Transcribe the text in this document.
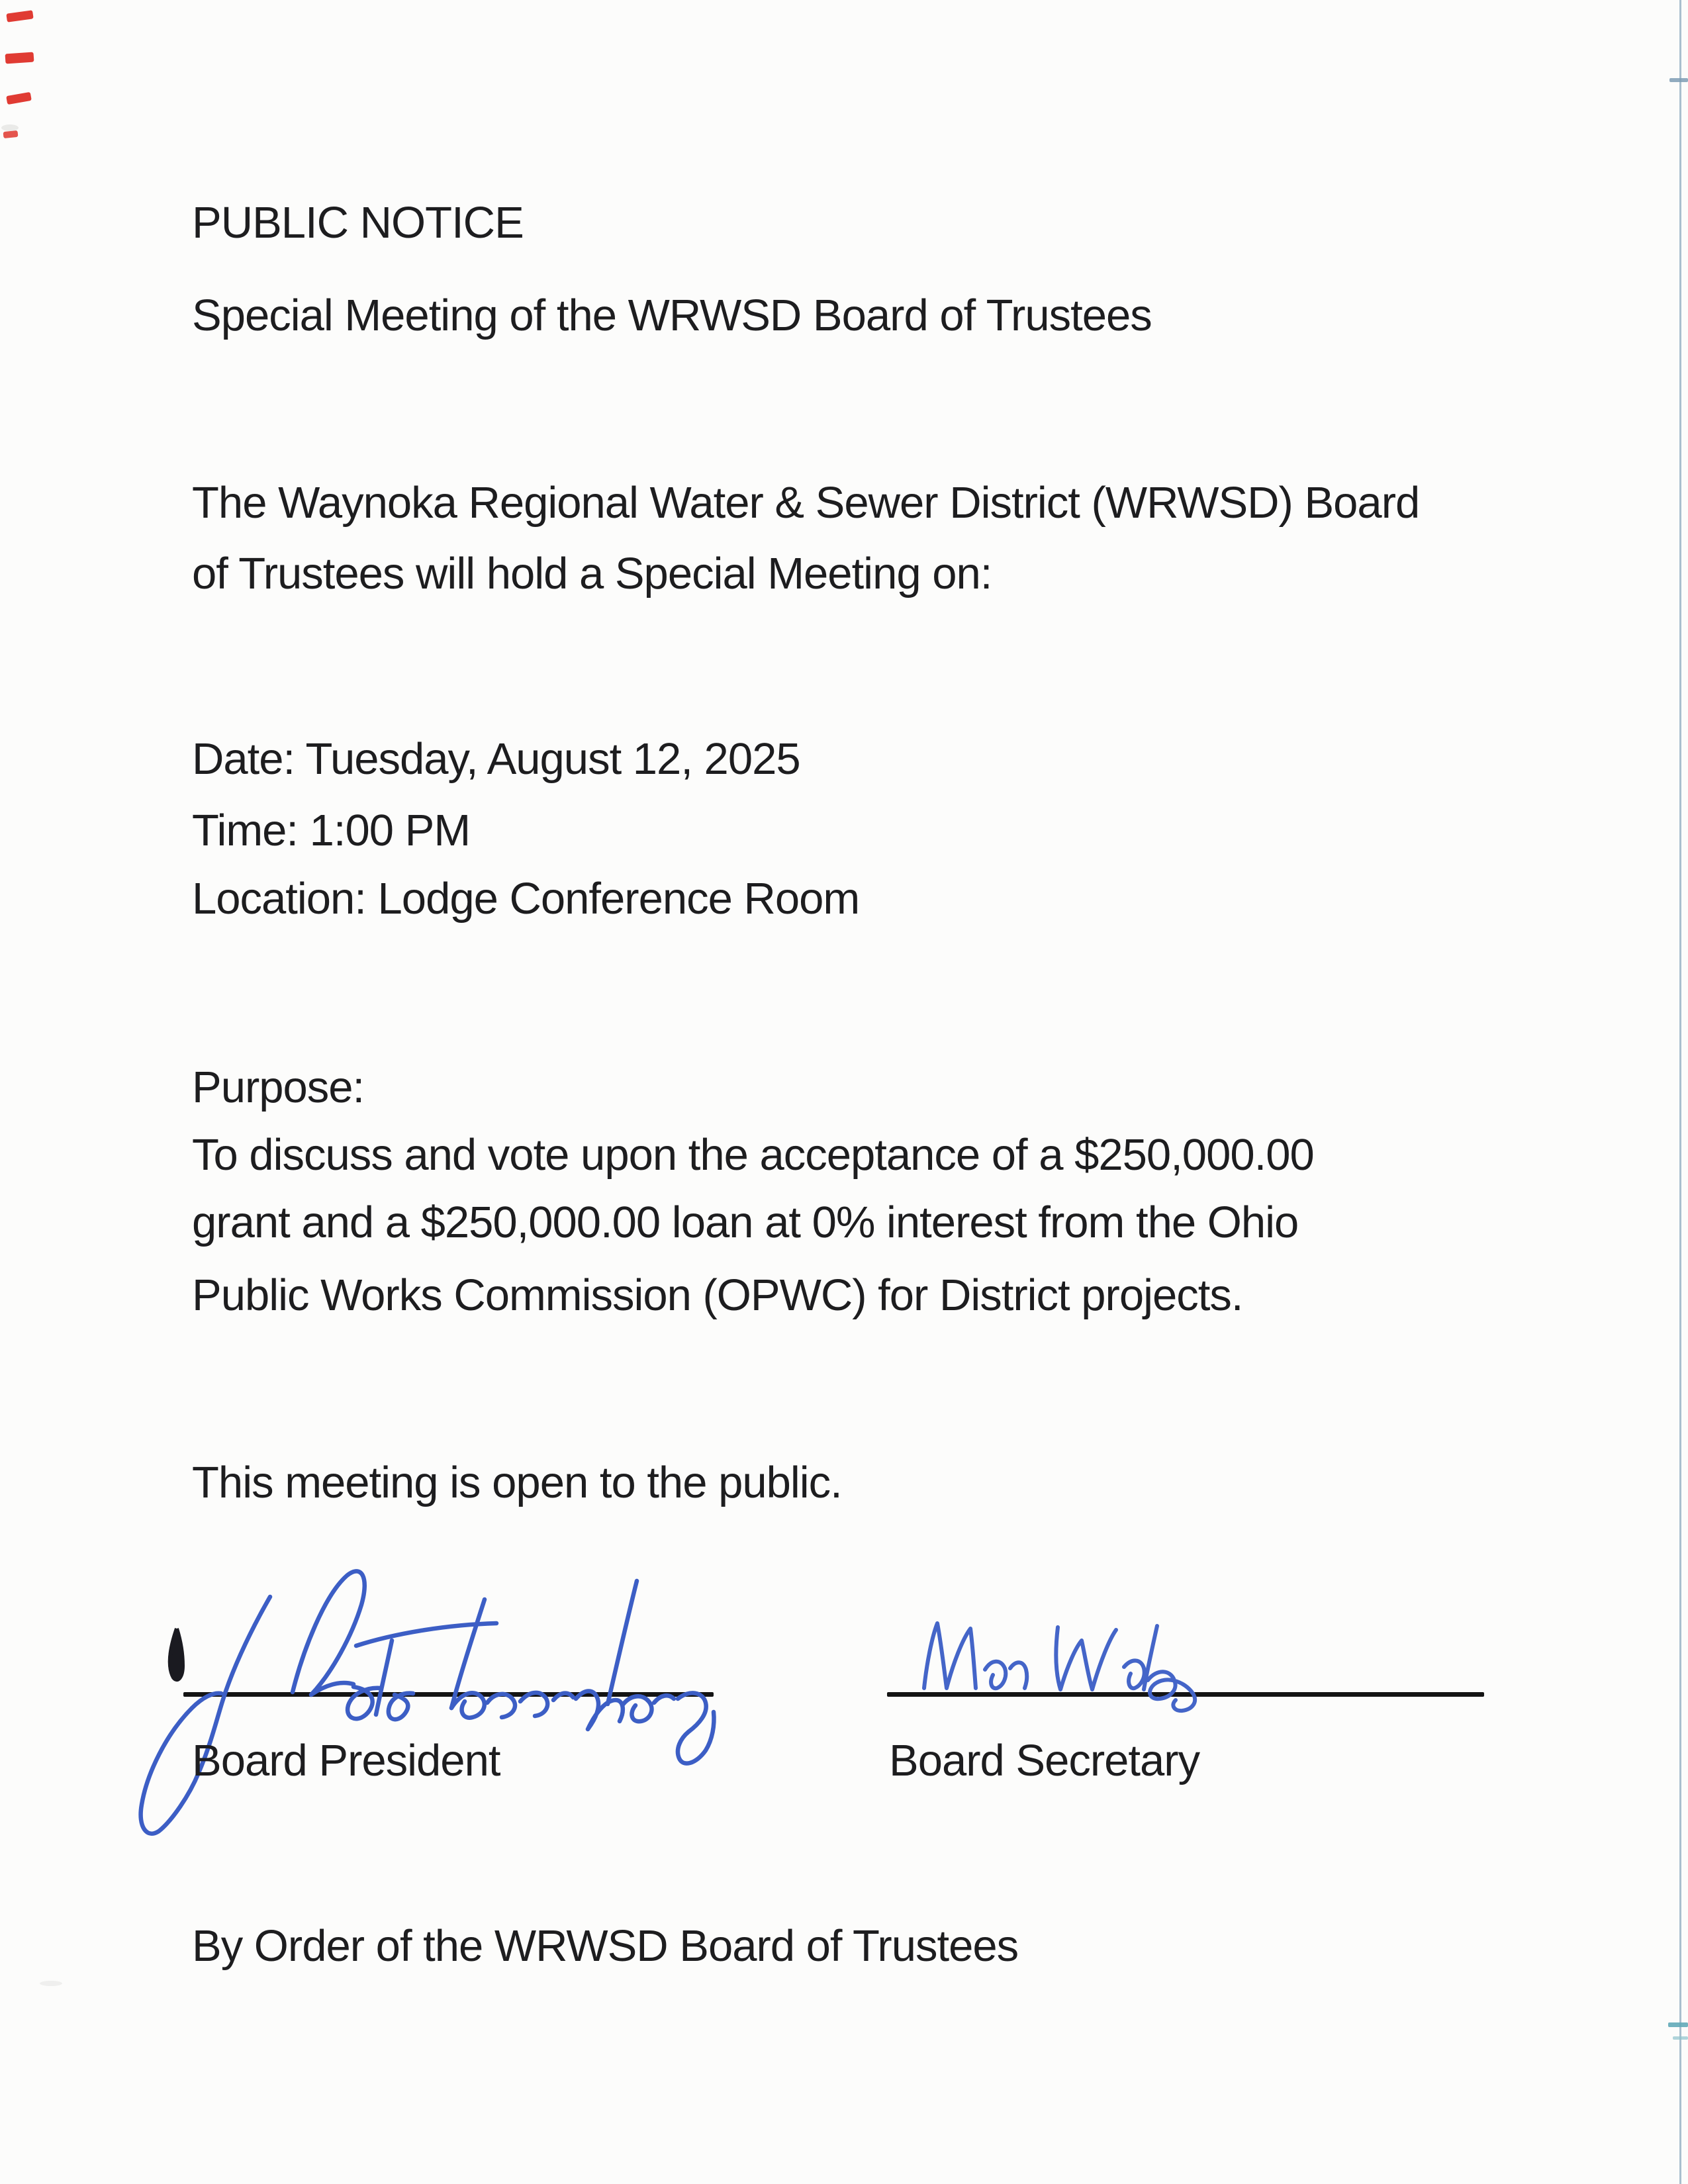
PUBLIC NOTICE
Special Meeting of the WRWSD Board of Trustees
The Waynoka Regional Water & Sewer District (WRWSD) Board
of Trustees will hold a Special Meeting on:
Date: Tuesday, August 12, 2025
Time: 1:00 PM
Location: Lodge Conference Room
Purpose:
To discuss and vote upon the acceptance of a $250,000.00
grant and a $250,000.00 loan at 0% interest from the Ohio
Public Works Commission (OPWC) for District projects.
This meeting is open to the public.
Board President	Board Secretary
By Order of the WRWSD Board of Trustees
